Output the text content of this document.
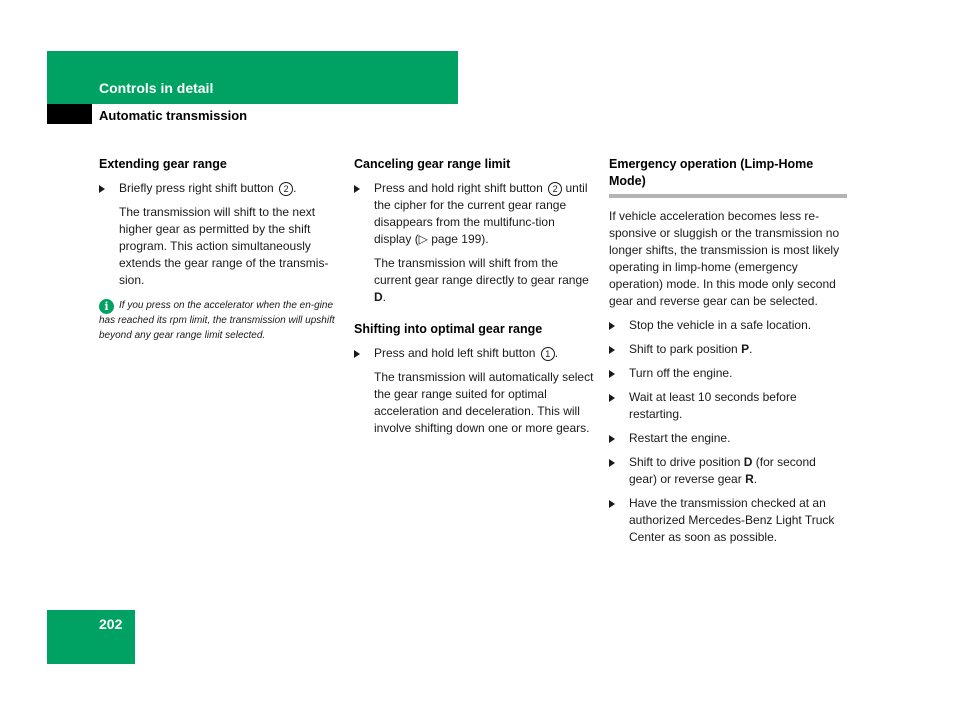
Controls in detail
Automatic transmission
Extending gear range
Briefly press right shift button 2 .
The transmission will shift to the next higher gear as permitted by the shift program. This action simultaneously extends the gear range of the transmis-sion.
i If you press on the accelerator when the en-gine has reached its rpm limit, the transmission will upshift beyond any gear range limit selected.
Canceling gear range limit
Press and hold right shift button 2 until the cipher for the current gear range disappears from the multifunc-tion display (▷ page 199).
The transmission will shift from the current gear range directly to gear range D.
Shifting into optimal gear range
Press and hold left shift button 1 .
The transmission will automatically select the gear range suited for optimal acceleration and deceleration. This will involve shifting down one or more gears.
Emergency operation (Limp-Home Mode)
If vehicle acceleration becomes less re-sponsive or sluggish or the transmission no longer shifts, the transmission is most likely operating in limp-home (emergency operation) mode. In this mode only second gear and reverse gear can be selected.
Stop the vehicle in a safe location.
Shift to park position P.
Turn off the engine.
Wait at least 10 seconds before restarting.
Restart the engine.
Shift to drive position D (for second gear) or reverse gear R.
Have the transmission checked at an authorized Mercedes-Benz Light Truck Center as soon as possible.
202
